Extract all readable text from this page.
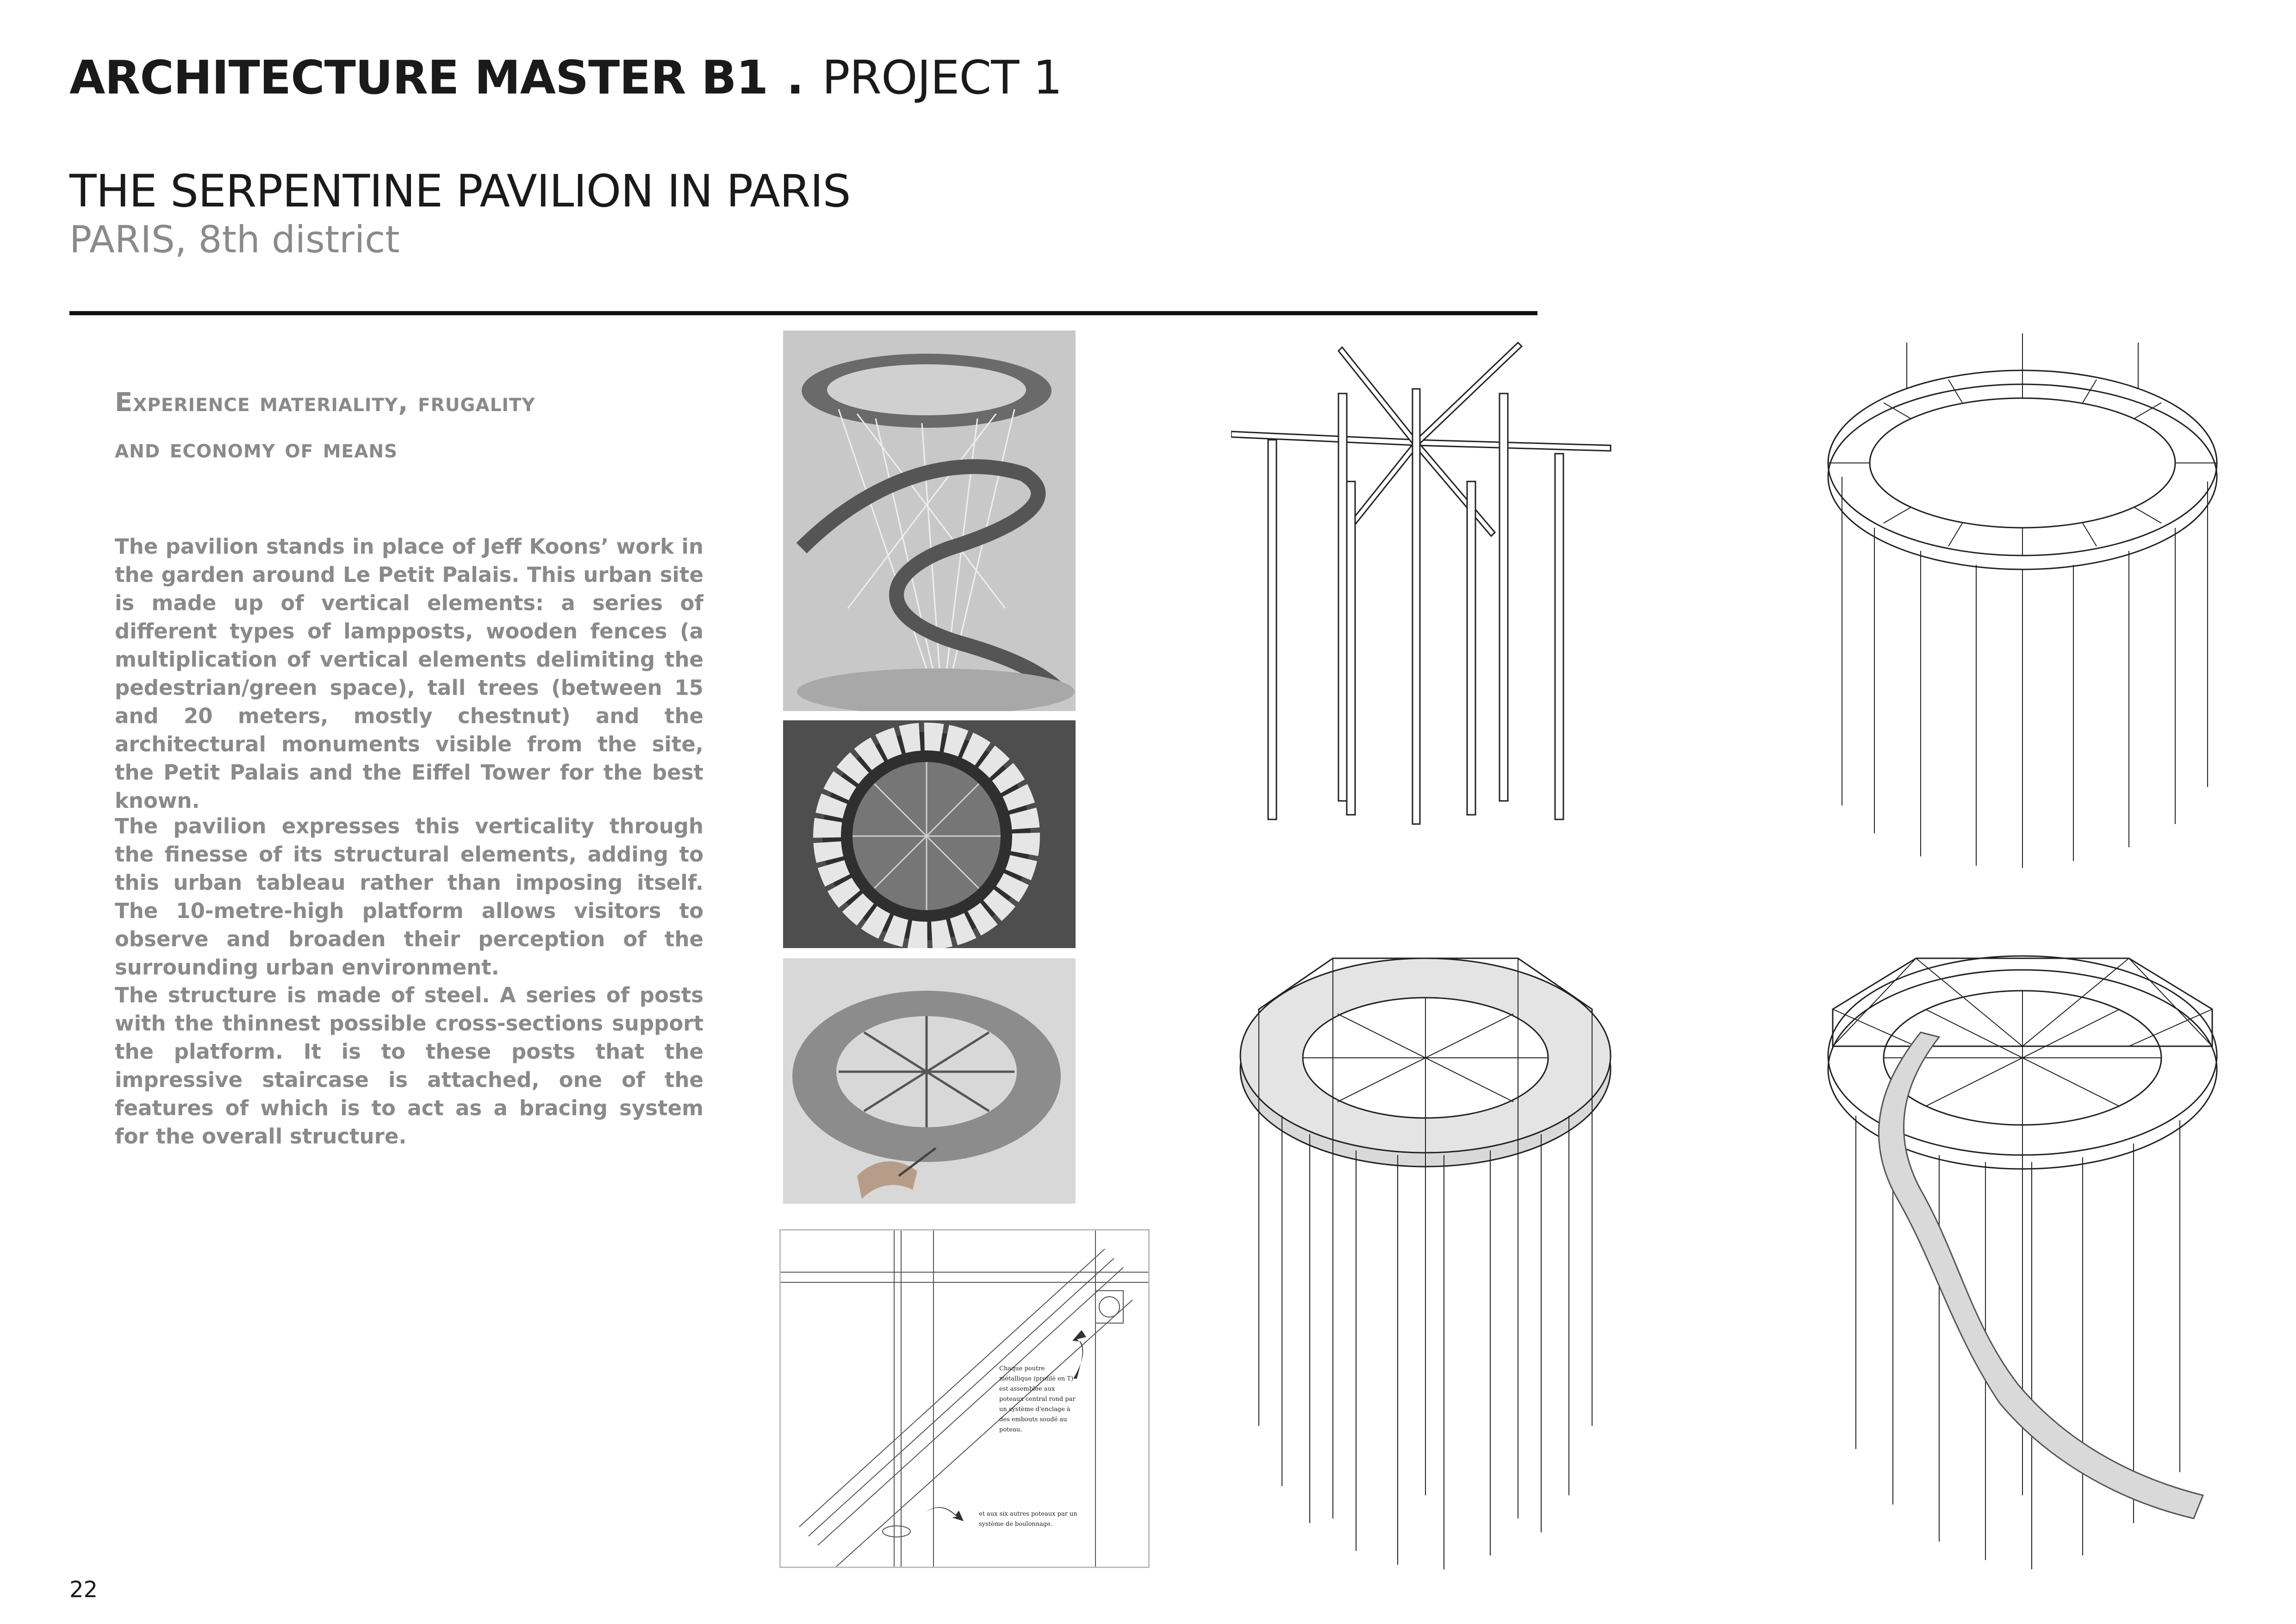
ARCHITECTURE MASTER B1 . PROJECT 1
THE SERPENTINE PAVILION IN PARIS
PARIS, 8th district
Experience materiality, frugality
and economy of means
The pavilion stands in place of Jeff Koons’ work in the garden around Le Petit Palais. This urban site is made up of vertical elements: a series of different types of lampposts, wooden fences (a multiplication of vertical elements delimiting the pedestrian/green space), tall trees (between 15 and 20 meters, mostly chestnut) and the architectural monuments visible from the site, the Petit Palais and the Eiffel Tower for the best known.
The pavilion expresses this verticality through the finesse of its structural elements, adding to this urban tableau rather than imposing itself. The 10-metre-high platform allows visitors to observe and broaden their perception of the surrounding urban environment.
The structure is made of steel. A series of posts with the thinnest possible cross-sections support the platform. It is to these posts that the impressive staircase is attached, one of the features of which is to act as a bracing system for the overall structure.
Chaque poutre métallique (profilé en T) est assemblée aux poteaux central rond par un système d'enclage à des embouts soudé au poteau.
et aux six autres poteaux par un système de boulonnage.
22
